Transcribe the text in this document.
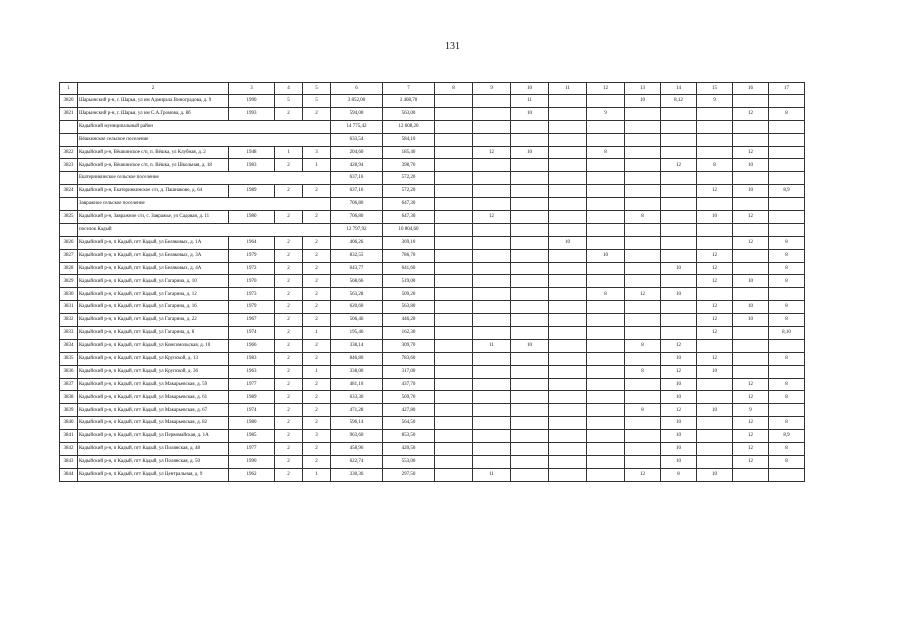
131
1	2	3	4	5	6	7	8	9	10	11	12	13	14	15	16	17
3820	Шарьинский р-н, г. Шарья, ул им Адмирала Виноградова, д. 9	1990	5	5	3 852,00	3 408,70			11			10	8,12	9		
3821	Шарьинский р-н, г. Шарья, ул им С.А.Громова, д. 8б	1993	2	2	594,00	563,00			10		9				12	8
	Кадыйский муниципальный район				14 775,42	12 608,20										
	Вёшкинское сельское поселение				633,54	584,10										
3822	Кадыйский р-н, Вёшкинское с/п, п. Вёшка, ул Клубная, д. 2	1948	1	3	204,60	185,40		12	10		8				12	
3823	Кадыйский р-н, Вёшкинское с/п, п. Вёшка, ул Школьная, д. 18	1983	2	1	428,94	398,70							12	8	10	
	Екатеринкинское сельское поселение				637,16	572,20										
3824	Кадыйский р-н, Екатеринкинское с/п, д. Пашнаково, д. 64	1989	2	2	637,16	572,20								12	10	8,9
	Завражное сельское поселение				706,80	647,30										
3825	Кадыйский р-н, Завражное с/п, с. Завражье, ул Садовая, д. 11	1980	2	2	706,80	647,30		12				8		10	12	
	поселок Кадый				12 797,92	10 804,60										
3826	Кадыйский р-н, п Кадый, пгт Кадый, ул Беляковых, д. 1А	1964	2	2	406,26	369,10				10					12	8
3827	Кадыйский р-н, п Кадый, пгт Кадый, ул Беляковых, д. 3А	1979	2	2	832,55	786,70					10			12		8
3828	Кадыйский р-н, п Кадый, пгт Кадый, ул Беляковых, д. 4А	1972	2	2	643,77	641,60							10	12		8
3829	Кадыйский р-н, п Кадый, пгт Кадый, ул Гагарина, д. 10	1970	2	2	568,66	519,00								12	10	8
3830	Кадыйский р-н, п Кадый, пгт Кадый, ул Гагарина, д. 12	1973	2	2	563,28	509,20					8	12	10			
3831	Кадыйский р-н, п Кадый, пгт Кадый, ул Гагарина, д. 16	1979	2	2	620,60	563,80								12	10	8
3832	Кадыйский р-н, п Кадый, пгт Кадый, ул Гагарина, д. 22	1967	2	2	506,46	446,20								12	10	8
3833	Кадыйский р-н, п Кадый, пгт Кадый, ул Гагарина, д. 8	1974	2	1	195,46	162,30								12		8,10
3834	Кадыйский р-н, п Кадый, пгт Кадый, ул Комсомольская, д. 10	1966	2	2	338,14	309,70		11	10			8	12			
3835	Кадыйский р-н, п Кадый, пгт Кадый, ул Крупской, д. 13	1983	2	2	846,80	783,60							10	12		8
3836	Кадыйский р-н, п Кадый, пгт Кадый, ул Крупской, д. 36	1963	2	1	338,00	317,00						8	12	10		
3837	Кадыйский р-н, п Кадый, пгт Кадый, ул Макарьевская, д. 59	1977	2	2	481,10	437,70							10		12	8
3838	Кадыйский р-н, п Кадый, пгт Кадый, ул Макарьевская, д. 61	1989	2	2	633,36	569,70							10		12	8
3839	Кадыйский р-н, п Кадый, пгт Кадый, ул Макарьевская, д. 67	1974	2	2	471,28	427,80						8	12	10	9	
3840	Кадыйский р-н, п Кадый, пгт Кадый, ул Макарьевская, д. 82	1980	2	2	596,14	564,50							10		12	8
3841	Кадыйский р-н, п Кадый, пгт Кадый, ул Первомайская, д. 1А	1985	2	3	963,60	853,50							10		12	8,9
3842	Кадыйский р-н, п Кадый, пгт Кадый, ул Полянская, д. 48	1977	2	2	458,96	420,50							10		12	8
3843	Кадыйский р-н, п Кадый, пгт Кадый, ул Полянская, д. 50	1990	2	2	622,74	553,00							10		12	8
3844	Кадыйский р-н, п Кадый, пгт Кадый, ул Центральная, д. 9	1962	2	1	330,36	297,50		11				12	8	10		
